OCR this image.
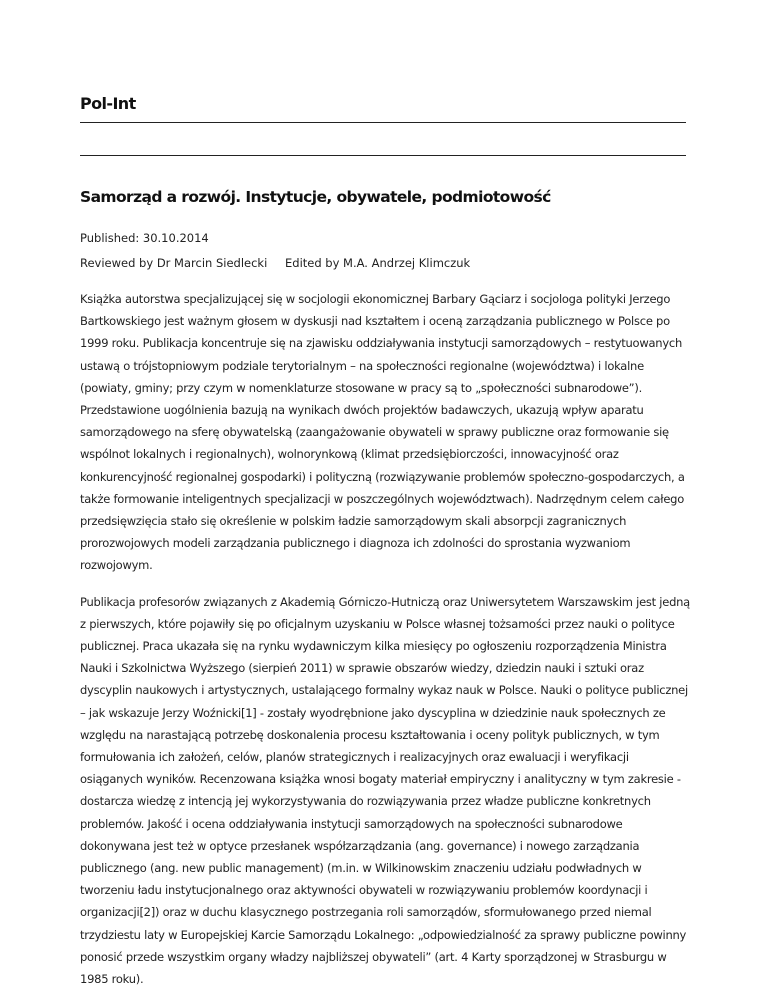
Pol-Int
Samorząd a rozwój. Instytucje, obywatele, podmiotowość
Published: 30.10.2014
Reviewed by Dr Marcin Siedlecki Edited by M.A. Andrzej Klimczuk

Książka autorstwa specjalizującej się w socjologii ekonomicznej Barbary Gąciarz i socjologa polityki Jerzego Bartkowskiego jest ważnym głosem w dyskusji nad kształtem i oceną zarządzania publicznego w Polsce po 1999 roku. Publikacja koncentruje się na zjawisku oddziaływania instytucji samorządowych – restytuowanych ustawą o trójstopniowym podziale terytorialnym – na społeczności regionalne (województwa) i lokalne (powiaty, gminy; przy czym w nomenklaturze stosowane w pracy są to „społeczności subnarodowe”). Przedstawione uogólnienia bazują na wynikach dwóch projektów badawczych, ukazują wpływ aparatu samorządowego na sferę obywatelską (zaangażowanie obywateli w sprawy publiczne oraz formowanie się wspólnot lokalnych i regionalnych), wolnorynkową (klimat przedsiębiorczości, innowacyjność oraz konkurencyjność regionalnej gospodarki) i polityczną (rozwiązywanie problemów społeczno-gospodarczych, a także formowanie inteligentnych specjalizacji w poszczególnych województwach). Nadrzędnym celem całego przedsięwzięcia stało się określenie w polskim ładzie samorządowym skali absorpcji zagranicznych prorozwojowych modeli zarządzania publicznego i diagnoza ich zdolności do sprostania wyzwaniom rozwojowym.

Publikacja profesorów związanych z Akademią Górniczo-Hutniczą oraz Uniwersytetem Warszawskim jest jedną z pierwszych, które pojawiły się po oficjalnym uzyskaniu w Polsce własnej tożsamości przez nauki o polityce publicznej. Praca ukazała się na rynku wydawniczym kilka miesięcy po ogłoszeniu rozporządzenia Ministra Nauki i Szkolnictwa Wyższego (sierpień 2011) w sprawie obszarów wiedzy, dziedzin nauki i sztuki oraz dyscyplin naukowych i artystycznych, ustalającego formalny wykaz nauk w Polsce. Nauki o polityce publicznej – jak wskazuje Jerzy Woźnicki[1] - zostały wyodrębnione jako dyscyplina w dziedzinie nauk społecznych ze względu na narastającą potrzebę doskonalenia procesu kształtowania i oceny polityk publicznych, w tym formułowania ich założeń, celów, planów strategicznych i realizacyjnych oraz ewaluacji i weryfikacji osiąganych wyników. Recenzowana książka wnosi bogaty materiał empiryczny i analityczny w tym zakresie - dostarcza wiedzę z intencją jej wykorzystywania do rozwiązywania przez władze publiczne konkretnych problemów. Jakość i ocena oddziaływania instytucji samorządowych na społeczności subnarodowe dokonywana jest też w optyce przesłanek współzarządzania (ang. governance) i nowego zarządzania publicznego (ang. new public management) (m.in. w Wilkinowskim znaczeniu udziału podwładnych w tworzeniu ładu instytucjonalnego oraz aktywności obywateli w rozwiązywaniu problemów koordynacji i organizacji[2]) oraz w duchu klasycznego postrzegania roli samorządów, sformułowanego przed niemal trzydziestu laty w Europejskiej Karcie Samorządu Lokalnego: „odpowiedzialność za sprawy publiczne powinny ponosić przede wszystkim organy władzy najbliższej obywateli” (art. 4 Karty sporządzonej w Strasburgu w 1985 roku).
